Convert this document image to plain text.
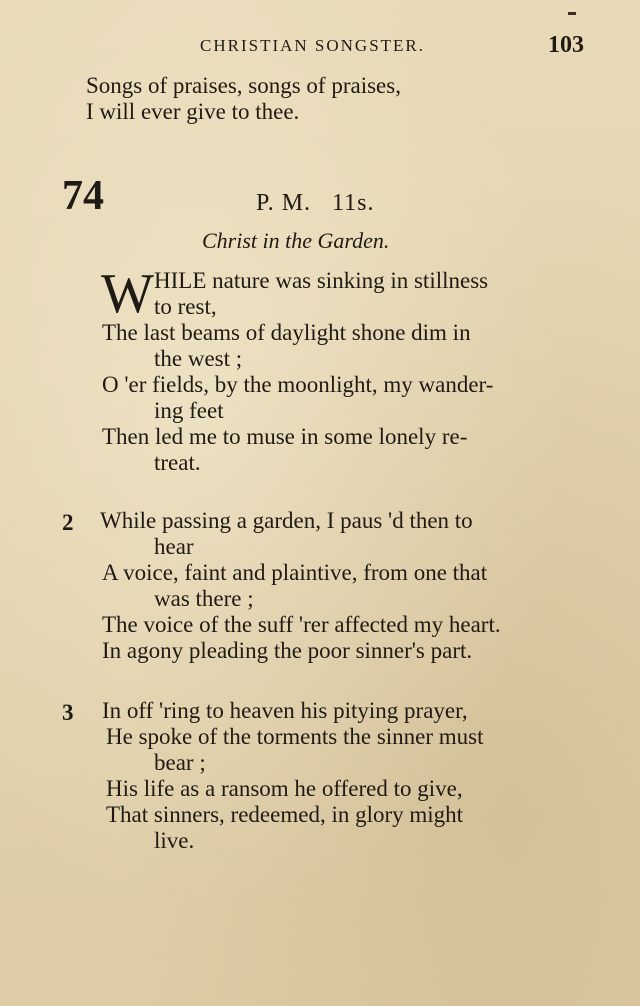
CHRISTIAN SONGSTER.	103
Songs of praises, songs of praises,
I will ever give to thee.
74	P. M.   11s.
Christ in the Garden.
W HILE nature was sinking in stillness
to rest,
The last beams of daylight shone dim in
the west ;
O 'er fields, by the moonlight, my wander-
ing feet
Then led me to muse in some lonely re-
treat.
2 While passing a garden, I paus 'd then to
hear
A voice, faint and plaintive, from one that
was there ;
The voice of the suff 'rer affected my heart.
In agony pleading the poor sinner's part.
3 In off 'ring to heaven his pitying prayer,
He spoke of the torments the sinner must
bear ;
His life as a ransom he offered to give,
That sinners, redeemed, in glory might
live.
